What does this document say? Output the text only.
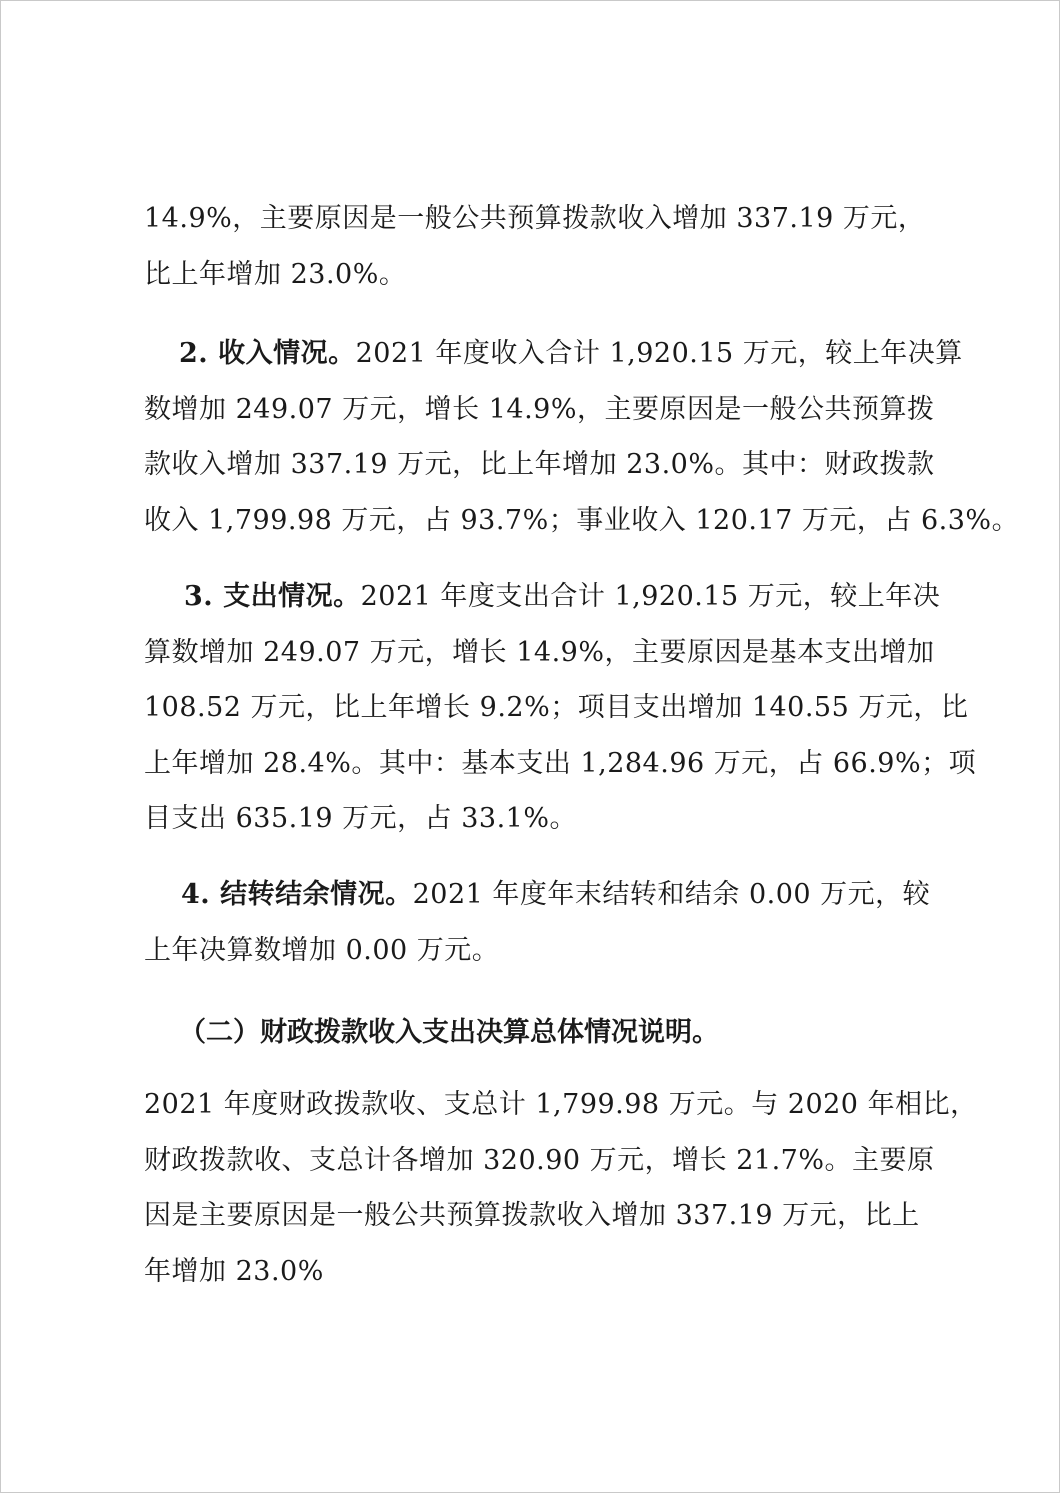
14.9%，主要原因是一般公共预算拨款收入增加 337.19 万元，
比上年增加 23.0%。
2. 收入情况。2021 年度收入合计 1,920.15 万元，较上年决算
数增加 249.07 万元，增长 14.9%，主要原因是一般公共预算拨
款收入增加 337.19 万元，比上年增加 23.0%。其中：财政拨款
收入 1,799.98 万元，占 93.7%；事业收入 120.17 万元，占 6.3%。
3. 支出情况。2021 年度支出合计 1,920.15 万元，较上年决
算数增加 249.07 万元，增长 14.9%，主要原因是基本支出增加
108.52 万元，比上年增长 9.2%；项目支出增加 140.55 万元，比
上年增加 28.4%。其中：基本支出 1,284.96 万元，占 66.9%；项
目支出 635.19 万元，占 33.1%。
4. 结转结余情况。2021 年度年末结转和结余 0.00 万元，较
上年决算数增加 0.00 万元。
（二）财政拨款收入支出决算总体情况说明。
2021 年度财政拨款收、支总计 1,799.98 万元。与 2020 年相比，
财政拨款收、支总计各增加 320.90 万元，增长 21.7%。主要原
因是主要原因是一般公共预算拨款收入增加 337.19 万元，比上
年增加 23.0%
